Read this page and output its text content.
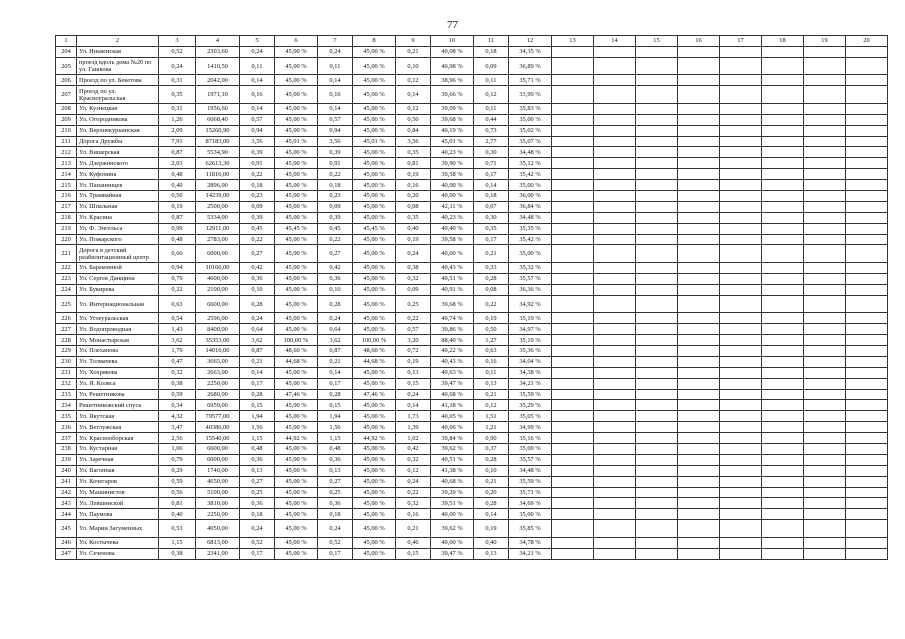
77
1	2	3	4	5	6	7	8	9	10	11	12	13	14	15	16	17	18	19	20
204	Ул. Иньвенская	0,52	2303,60	0,24	45,00 %	0,24	45,00 %	0,21	40,08 %	0,18	34,35 %								
205	проезд вдоль дома №20 по ул. Гашкова	0,24	1410,50	0,11	45,00 %	0,11	45,00 %	0,10	40,98 %	0,09	36,89 %								
206	Проезд по ул. Бекетова	0,31	2042,00	0,14	45,00 %	0,14	45,00 %	0,12	38,96 %	0,11	35,71 %								
207	Проезд по ул. Красноуральская	0,35	1971,10	0,16	45,00 %	0,16	45,00 %	0,14	39,66 %	0,12	33,99 %								
208	Ул. Кузнецкая	0,31	1956,60	0,14	45,00 %	0,14	45,00 %	0,12	39,09 %	0,11	35,83 %								
209	Ул. Огородникова	1,26	6068,40	0,57	45,00 %	0,57	45,00 %	0,50	39,68 %	0,44	35,00 %								
210	Ул. Верхнекурьинская	2,09	15260,90	0,94	45,00 %	0,94	45,00 %	0,84	40,19 %	0,73	35,02 %								
211	Дорога Дружбы	7,91	87183,00	3,56	45,01 %	3,56	45,01 %	3,56	45,01 %	2,77	35,07 %								
212	Ул. Вишерская	0,87	5534,90	0,39	45,00 %	0,39	45,00 %	0,35	40,23 %	0,30	34,48 %								
213	Ул. Дзержинского	2,03	62613,30	0,91	45,00 %	0,91	45,00 %	0,81	39,90 %	0,71	35,12 %								
214	Ул. Куфонина	0,48	11816,00	0,22	45,00 %	0,22	45,00 %	0,19	39,58 %	0,17	35,42 %								
215	Ул. Папанинцев	0,40	2896,00	0,18	45,00 %	0,18	45,00 %	0,16	40,00 %	0,14	35,00 %								
216	Ул. Трамвайная	0,50	14239,00	0,23	45,00 %	0,23	45,00 %	0,20	40,00 %	0,18	36,00 %								
217	Ул. Шпальная	0,19	2500,00	0,09	45,00 %	0,09	45,00 %	0,08	42,11 %	0,07	36,84 %								
218	Ул. Красина	0,87	5334,00	0,39	45,00 %	0,39	45,00 %	0,35	40,23 %	0,30	34,48 %								
219	Ул. Ф. Энгельса	0,99	12911,00	0,45	45,45 %	0,45	45,45 %	0,40	40,40 %	0,35	35,35 %								
220	Ул. Пожарского	0,48	2783,00	0,22	45,00 %	0,22	45,00 %	0,19	39,58 %	0,17	35,42 %								
221	Дорога в детский реабилитационный центр	0,60	6000,00	0,27	45,00 %	0,27	45,00 %	0,24	40,00 %	0,21	35,00 %								
222	Ул. Барамзиной	0,94	10166,00	0,42	45,00 %	0,42	45,00 %	0,38	40,43 %	0,33	35,32 %								
223	Ул. Сергея Данщина	0,79	4600,00	0,36	45,00 %	0,36	45,00 %	0,32	40,51 %	0,28	35,57 %								
224	Ул. Букирева	0,22	2100,00	0,10	45,00 %	0,10	45,00 %	0,09	40,91 %	0,08	36,36 %								
225	Ул. Интернациональная	0,63	6600,00	0,28	45,00 %	0,28	45,00 %	0,25	39,68 %	0,22	34,92 %								
226	Ул. Углеуральская	0,54	2596,00	0,24	45,00 %	0,24	45,00 %	0,22	40,74 %	0,19	35,19 %								
227	Ул. Водопроводная	1,43	8400,00	0,64	45,00 %	0,64	45,00 %	0,57	39,86 %	0,50	34,97 %								
228	Ул. Монастырская	3,62	35353,00	3,62	100,00 %	3,62	100,00 %	3,20	88,40 %	1,27	35,19 %								
229	Ул. Плеханова	1,79	14016,00	0,87	48,60 %	0,87	48,60 %	0,72	40,22 %	0,63	35,36 %								
230	Ул. Толмачева	0,47	3665,00	0,21	44,68 %	0,21	44,68 %	0,19	40,43 %	0,16	34,04 %								
231	Ул. Хохрякова	0,32	2663,00	0,14	45,00 %	0,14	45,00 %	0,13	40,63 %	0,11	34,38 %								
232	Ул. Я. Коляса	0,38	2250,00	0,17	45,00 %	0,17	45,00 %	0,15	39,47 %	0,13	34,21 %								
233	Ул. Решетникова	0,59	2680,00	0,28	47,46 %	0,28	47,46 %	0,24	40,68 %	0,21	35,59 %								
234	Решетниковский спуск	0,34	6959,00	0,15	45,00 %	0,15	45,00 %	0,14	41,18 %	0,12	35,29 %								
235	Ул. Якутская	4,32	79577,00	1,94	45,00 %	1,94	45,00 %	1,73	40,05 %	1,51	35,05 %								
236	Ул. Ветлужская	3,47	40386,00	1,56	45,00 %	1,56	45,00 %	1,39	40,06 %	1,21	34,99 %								
237	Ул. Краснооборская	2,56	15540,00	1,15	44,92 %	1,15	44,92 %	1,02	39,84 %	0,90	35,16 %								
238	Ул. Кустарная	1,06	6600,00	0,48	45,00 %	0,48	45,00 %	0,42	39,62 %	0,37	35,00 %								
239	Ул. Заречная	0,79	6000,00	0,36	45,00 %	0,36	45,00 %	0,32	40,51 %	0,28	35,57 %								
240	Ул. Вагонная	0,29	1740,00	0,13	45,00 %	0,13	45,00 %	0,12	41,38 %	0,10	34,48 %								
241	Ул. Кочегаров	0,59	4650,00	0,27	45,00 %	0,27	45,00 %	0,24	40,68 %	0,21	35,59 %								
242	Ул. Машинистов	0,56	5100,00	0,25	45,00 %	0,25	45,00 %	0,22	39,29 %	0,20	35,71 %								
243	Ул. Левшинской	0,81	3810,00	0,36	45,00 %	0,36	45,00 %	0,32	39,51 %	0,28	34,69 %								
244	Ул. Паумова	0,40	2250,00	0,18	45,00 %	0,18	45,00 %	0,16	40,00 %	0,14	35,00 %								
245	Ул. Марии Загуменных	0,53	4050,00	0,24	45,00 %	0,24	45,00 %	0,21	39,62 %	0,19	35,85 %								
246	Ул. Костычева	1,15	6813,00	0,52	45,00 %	0,52	45,00 %	0,46	40,00 %	0,40	34,78 %								
247	Ул. Сеченова	0,38	2341,00	0,17	45,00 %	0,17	45,00 %	0,15	39,47 %	0,13	34,21 %								
